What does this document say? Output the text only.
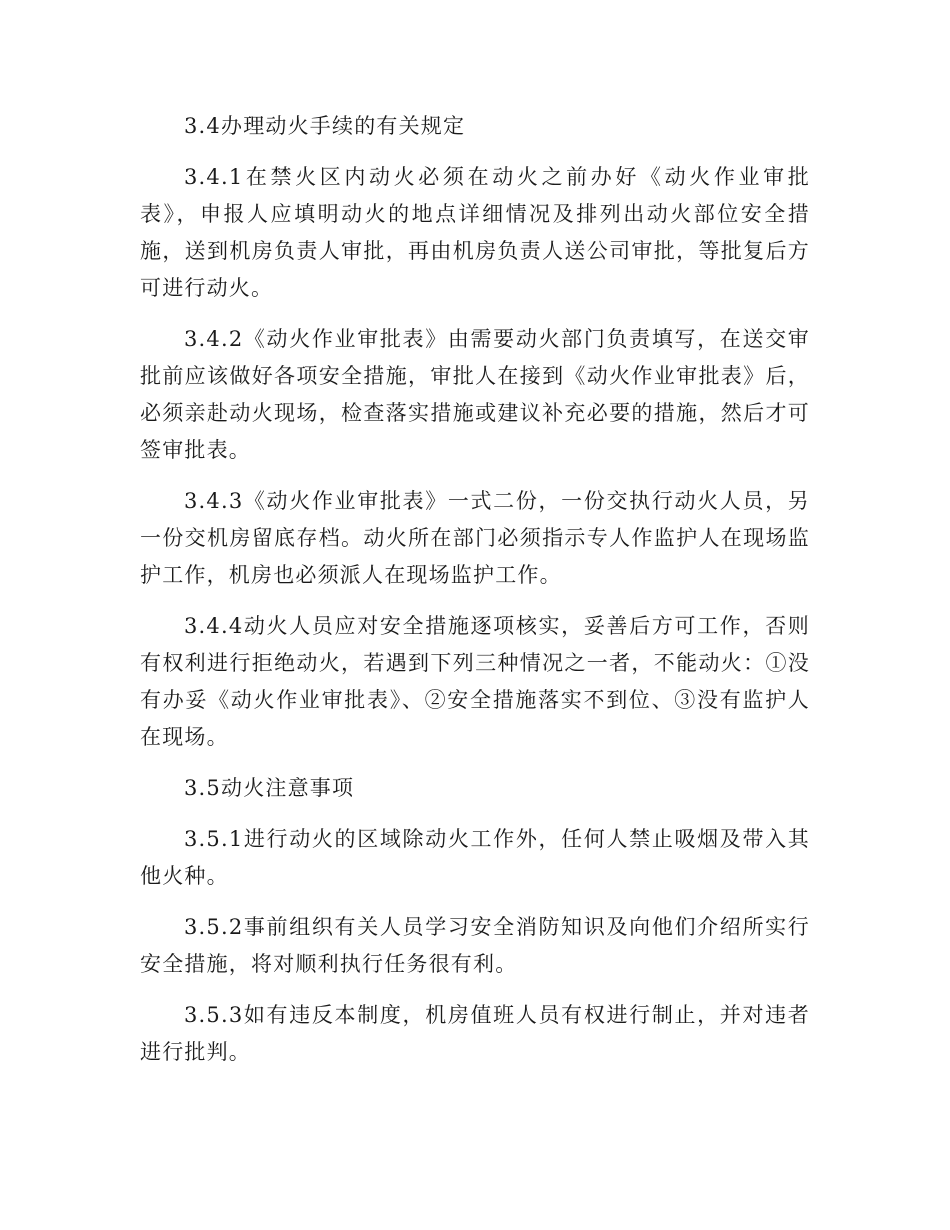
3.4办理动火手续的有关规定

3.4.1在禁火区内动火必须在动火之前办好《动火作业审批表》，申报人应填明动火的地点详细情况及排列出动火部位安全措施，送到机房负责人审批，再由机房负责人送公司审批，等批复后方可进行动火。

3.4.2《动火作业审批表》由需要动火部门负责填写，在送交审批前应该做好各项安全措施，审批人在接到《动火作业审批表》后，必须亲赴动火现场，检查落实措施或建议补充必要的措施，然后才可签审批表。

3.4.3《动火作业审批表》一式二份，一份交执行动火人员，另一份交机房留底存档。动火所在部门必须指示专人作监护人在现场监护工作，机房也必须派人在现场监护工作。

3.4.4动火人员应对安全措施逐项核实，妥善后方可工作，否则有权利进行拒绝动火，若遇到下列三种情况之一者，不能动火：①没有办妥《动火作业审批表》、②安全措施落实不到位、③没有监护人在现场。

3.5动火注意事项

3.5.1进行动火的区域除动火工作外，任何人禁止吸烟及带入其他火种。

3.5.2事前组织有关人员学习安全消防知识及向他们介绍所实行安全措施，将对顺利执行任务很有利。

3.5.3如有违反本制度，机房值班人员有权进行制止，并对违者进行批判。
